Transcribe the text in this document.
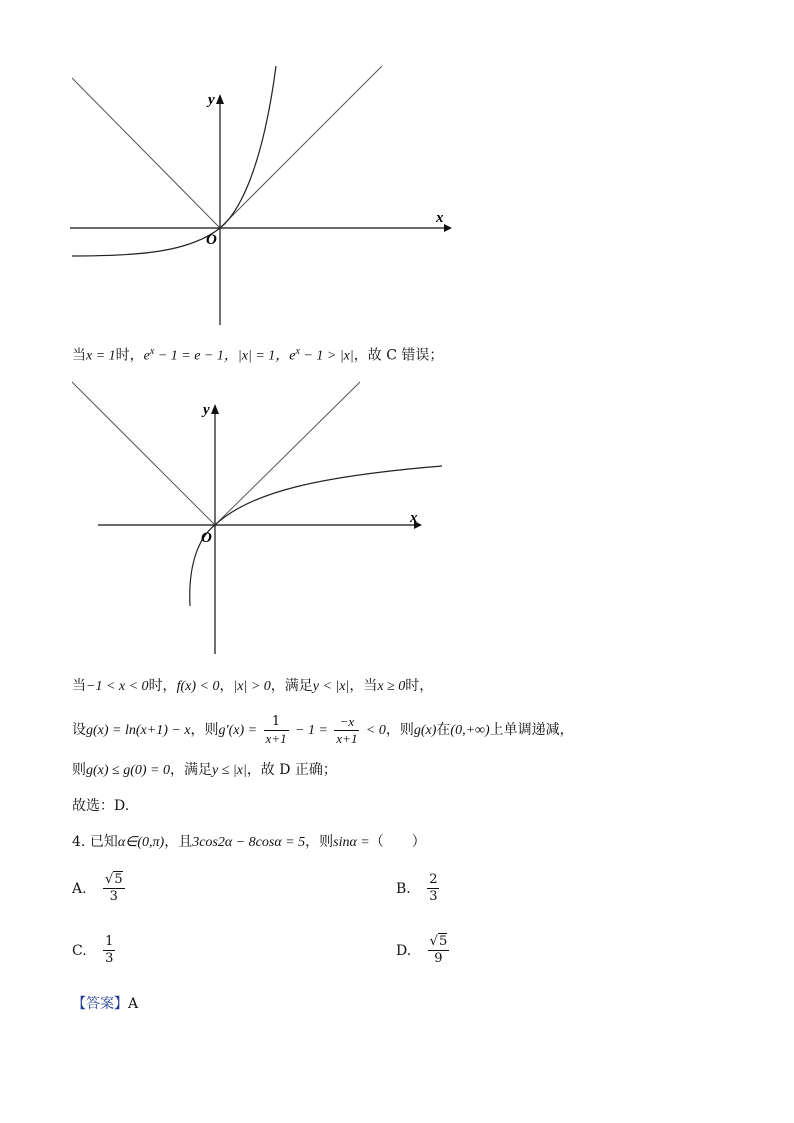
y
x
O
当x = 1时，$e^x - 1 = e - 1$，|x| = 1，$e^x - 1 > |x|$，故 C 错误；
y
x
O
当−1 < x < 0时，f(x) < 0，|x| > 0，满足y < |x|，当x ≥ 0时，
设g(x) = ln(x+1) − x，则$g'(x) = \frac{1}{x+1} - 1 = \frac{-x}{x+1} < 0$，则g(x)在(0,+∞)上单调递减，
则g(x) ≤ g(0) = 0，满足y ≤ |x|，故 D 正确；
故选：D.
4. 已知α∈(0,π)，且3cos2α − 8cosα = 5，则sinα =（　　）
A. $\frac{√5}{3}$	B. $\frac{2}{3}$
C. $\frac{1}{3}$	D. $\frac{√5}{9}$
【答案】A
